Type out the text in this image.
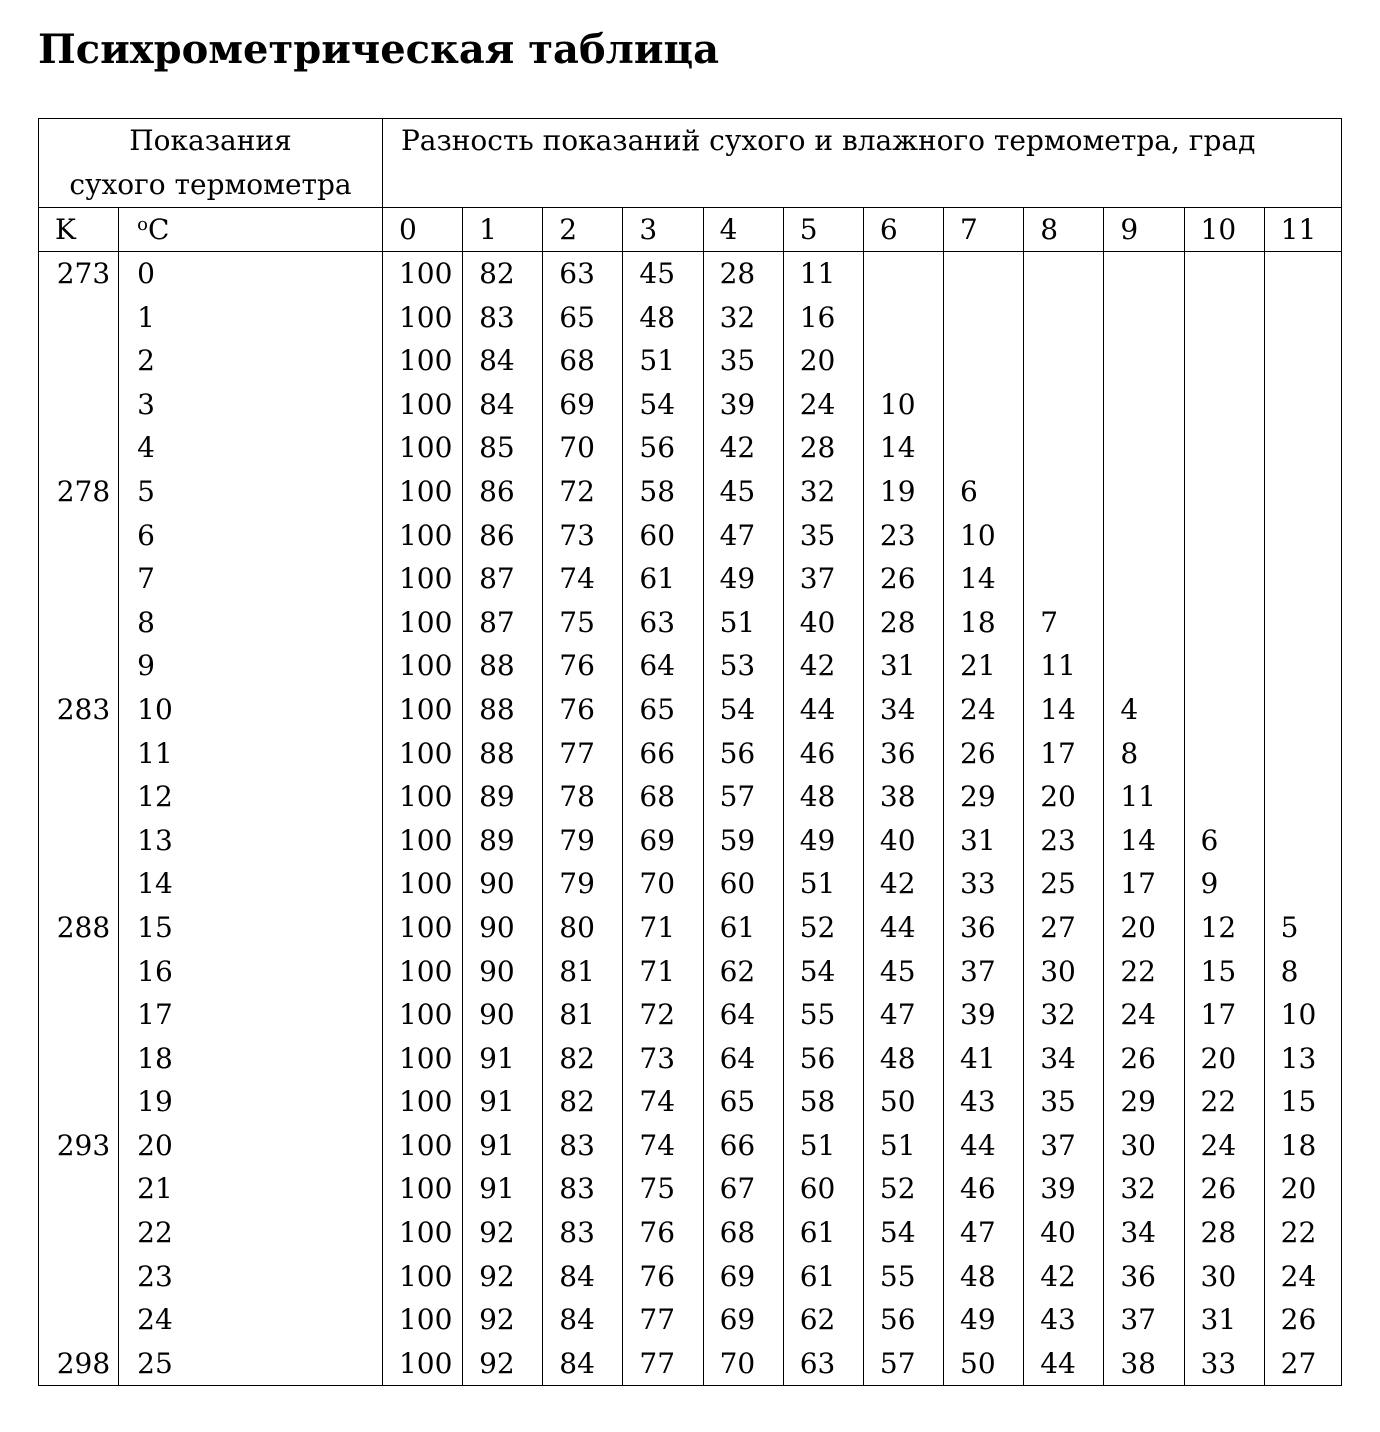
Психрометрическая таблица
Показания
сухого термометра		Разность показаний сухого и влажного термометра, град											
K	$^o$C	0	1	2	3	4	5	6	7	8	9	10	11
273	0	100	82	63	45	28	11						
	1	100	83	65	48	32	16						
	2	100	84	68	51	35	20						
	3	100	84	69	54	39	24	10					
	4	100	85	70	56	42	28	14					
278	5	100	86	72	58	45	32	19	6				
	6	100	86	73	60	47	35	23	10				
	7	100	87	74	61	49	37	26	14				
	8	100	87	75	63	51	40	28	18	7			
	9	100	88	76	64	53	42	31	21	11			
283	10	100	88	76	65	54	44	34	24	14	4		
	11	100	88	77	66	56	46	36	26	17	8		
	12	100	89	78	68	57	48	38	29	20	11		
	13	100	89	79	69	59	49	40	31	23	14	6	
	14	100	90	79	70	60	51	42	33	25	17	9	
288	15	100	90	80	71	61	52	44	36	27	20	12	5
	16	100	90	81	71	62	54	45	37	30	22	15	8
	17	100	90	81	72	64	55	47	39	32	24	17	10
	18	100	91	82	73	64	56	48	41	34	26	20	13
	19	100	91	82	74	65	58	50	43	35	29	22	15
293	20	100	91	83	74	66	51	51	44	37	30	24	18
	21	100	91	83	75	67	60	52	46	39	32	26	20
	22	100	92	83	76	68	61	54	47	40	34	28	22
	23	100	92	84	76	69	61	55	48	42	36	30	24
	24	100	92	84	77	69	62	56	49	43	37	31	26
298	25	100	92	84	77	70	63	57	50	44	38	33	27
